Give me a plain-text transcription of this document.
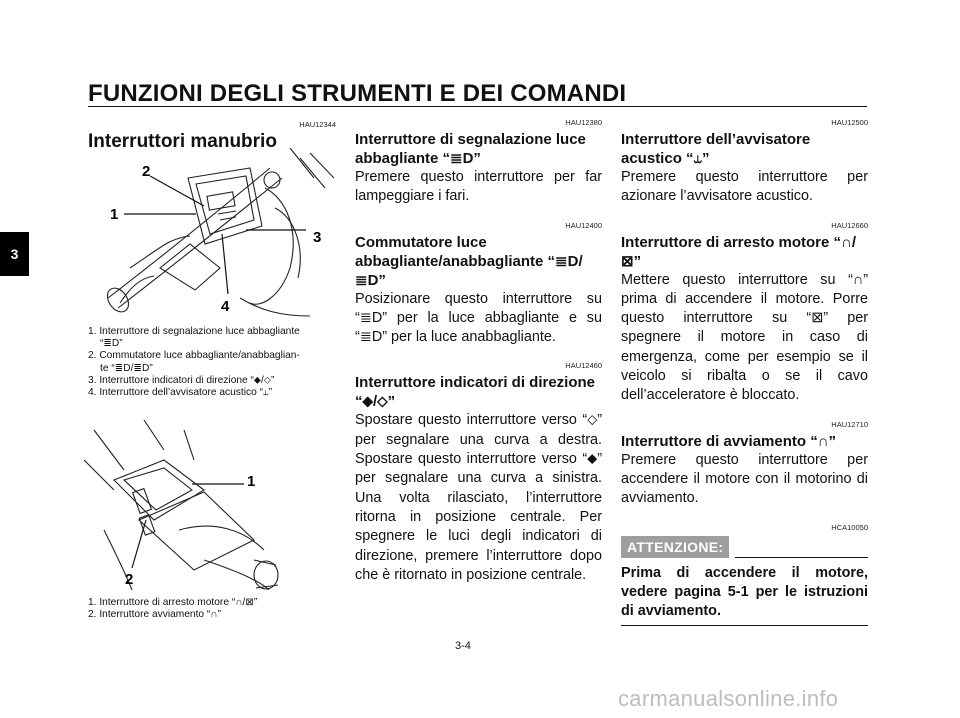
FUNZIONI DEGLI STRUMENTI E DEI COMANDI
3
HAU12344
Interruttori manubrio
2
1
3
4
1. Interruttore di segnalazione luce abbagliante
“≣D”
2. Commutatore luce abbagliante/anabbaglian-
te “≣D/≣D”
3. Interruttore indicatori di direzione “⬥/⬦”
4. Interruttore dell’avvisatore acustico “⥿”
1
2
1. Interruttore di arresto motore “∩/⊠”
2. Interruttore avviamento “∩”
HAU12380
Interruttore di segnalazione luce abbagliante “≣D”
Premere questo interruttore per far lampeggiare i fari.
HAU12400
Commutatore luce abbagliante/anabbagliante “≣D/≣D”
Posizionare questo interruttore su “≣D” per la luce abbagliante e su “≣D” per la luce anabbagliante.
HAU12460
Interruttore indicatori di direzione “⬥/⬦”
Spostare questo interruttore verso “⬦” per segnalare una curva a destra. Spostare questo interruttore verso “⬥” per segnalare una curva a sinistra. Una volta rilasciato, l’interruttore ritorna in posizione centrale. Per spegnere le luci degli indicatori di direzione, premere l’interruttore dopo che è ritornato in posizione centrale.
HAU12500
Interruttore dell’avvisatore acustico “⥿”
Premere questo interruttore per azionare l’avvisatore acustico.
HAU12660
Interruttore di arresto motore “∩/⊠”
Mettere questo interruttore su “∩” prima di accendere il motore. Porre questo interruttore su “⊠” per spegnere il motore in caso di emergenza, come per esempio se il veicolo si ribalta o se il cavo dell’acceleratore è bloccato.
HAU12710
Interruttore di avviamento “∩”
Premere questo interruttore per accendere il motore con il motorino di avviamento.
HCA10050
ATTENZIONE:
Prima di accendere il motore, vedere pagina 5-1 per le istruzioni di avviamento.
3-4
carmanualsonline.info
